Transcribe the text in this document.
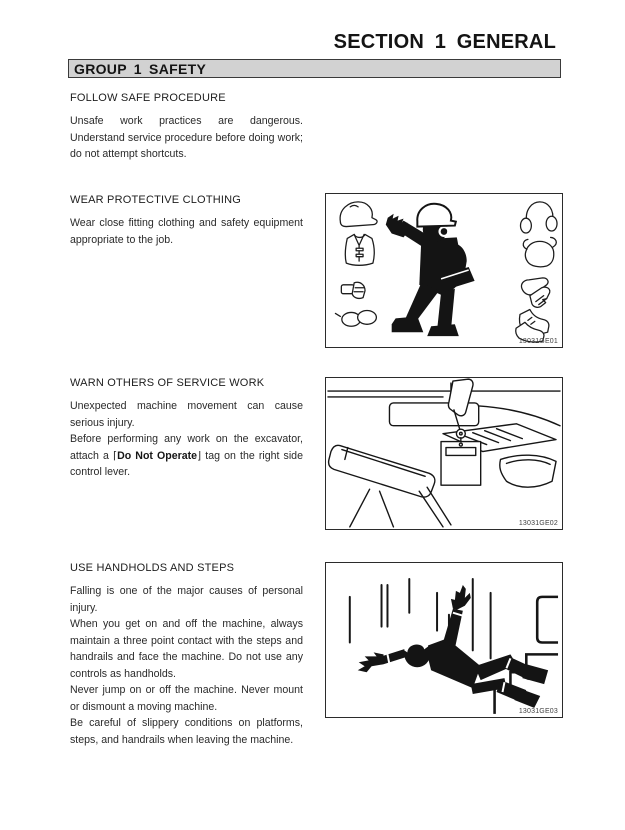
SECTION 1 GENERAL
GROUP 1 SAFETY
FOLLOW SAFE PROCEDURE

Unsafe work practices are dangerous. Understand service procedure before doing work; do not attempt shortcuts.

WEAR PROTECTIVE CLOTHING

Wear close fitting clothing and safety equipment appropriate to the job.

WARN OTHERS OF SERVICE WORK

Unexpected machine movement can cause serious injury.

Before performing any work on the excavator, attach a ⌈Do Not Operate⌋ tag on the right side control lever.

USE HANDHOLDS AND STEPS

Falling is one of the major causes of personal injury.

When you get on and off the machine, always maintain a three point contact with the steps and handrails and face the machine. Do not use any controls as handholds.

Never jump on or off the machine. Never mount or dismount a moving machine.

Be careful of slippery conditions on platforms, steps, and handrails when leaving the machine.

13031GE01
13031GE02
13031GE03
